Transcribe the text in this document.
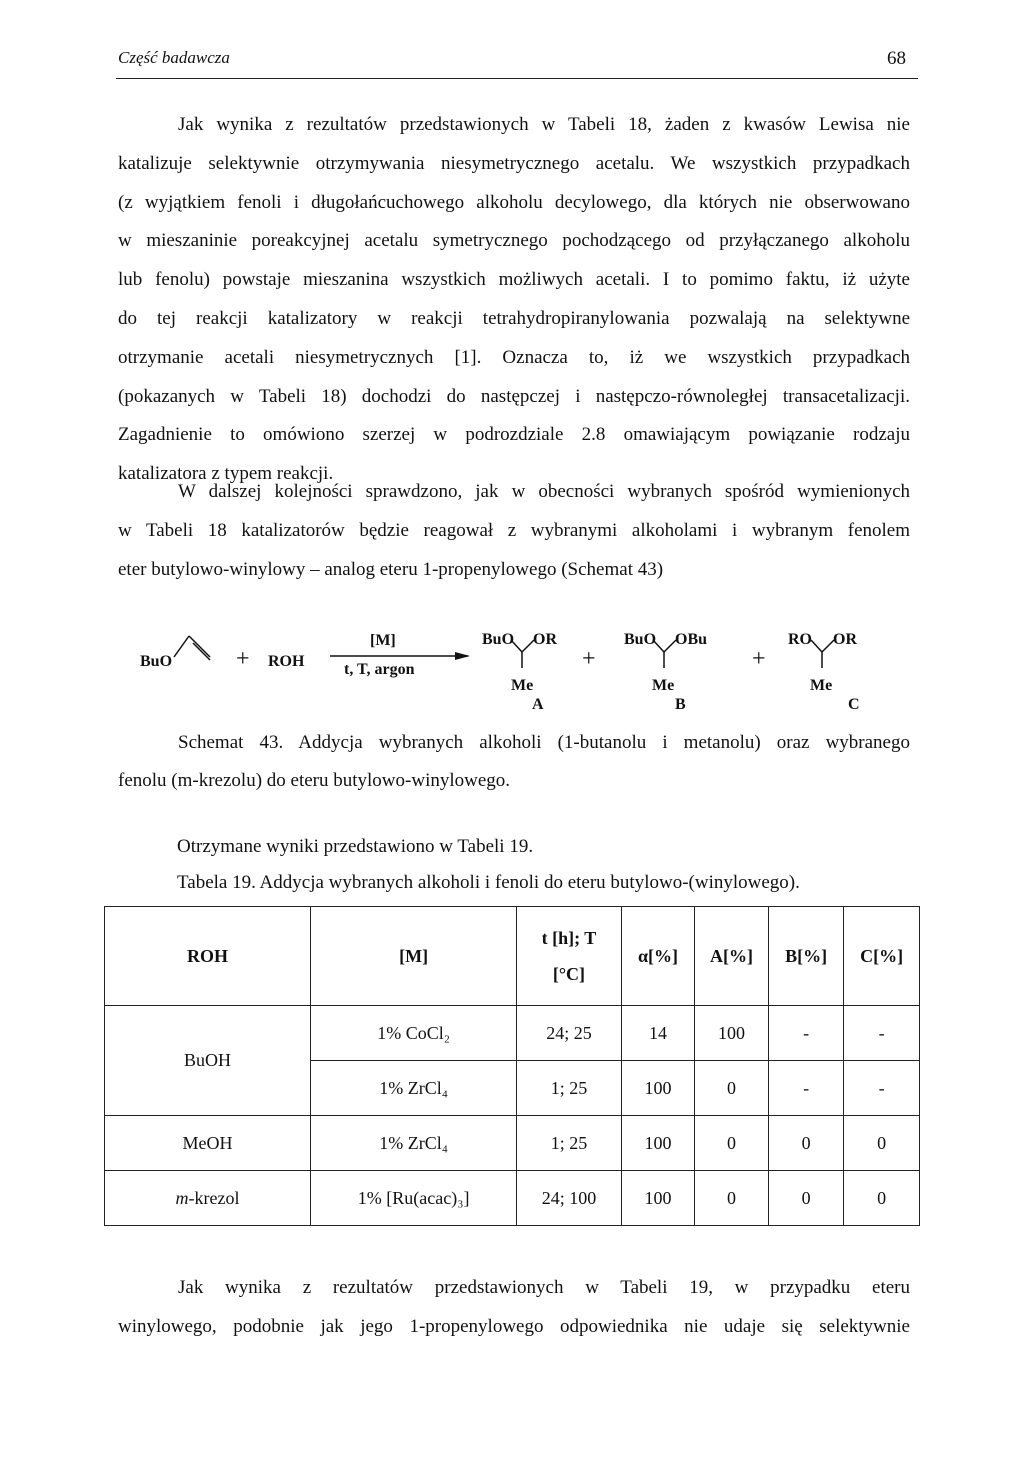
Część badawcza	68
Jak wynika z rezultatów przedstawionych w Tabeli 18, żaden z kwasów Lewisa nie
katalizuje selektywnie otrzymywania niesymetrycznego acetalu. We wszystkich przypadkach
(z wyjątkiem fenoli i długołańcuchowego alkoholu decylowego, dla których nie obserwowano
w mieszaninie poreakcyjnej acetalu symetrycznego pochodzącego od przyłączanego alkoholu
lub fenolu) powstaje mieszanina wszystkich możliwych acetali. I to pomimo faktu, iż użyte
do tej reakcji katalizatory w reakcji tetrahydropiranylowania pozwalają na selektywne
otrzymanie acetali niesymetrycznych [1]. Oznacza to, iż we wszystkich przypadkach
(pokazanych w Tabeli 18) dochodzi do następczej i następczo-równoległej transacetalizacji.
Zagadnienie to omówiono szerzej w podrozdziale 2.8 omawiającym powiązanie rodzaju
katalizatora z typem reakcji.
W dalszej kolejności sprawdzono, jak w obecności wybranych spośród wymienionych
w Tabeli 18 katalizatorów będzie reagował z wybranymi alkoholami i wybranym fenolem
eter butylowo-winylowy – analog eteru 1-propenylowego (Schemat 43)
BuO	+ ROH
[M]
t, T, argon
BuO OR
Me
A
+
BuO OBu
Me
B
+
RO OR
Me
C
Schemat 43. Addycja wybranych alkoholi (1-butanolu i metanolu) oraz wybranego
fenolu (m-krezolu) do eteru butylowo-winylowego.
Otrzymane wyniki przedstawiono w Tabeli 19.
Tabela 19. Addycja wybranych alkoholi i fenoli do eteru butylowo-(winylowego).
ROH	[M]	t [h]; T [°C]	α[%]	A[%]	B[%]	C[%]
BuOH	1% CoCl₂	24; 25	14	100	-	-
	1% ZrCl₄	1; 25	100	0	-	-
MeOH	1% ZrCl₄	1; 25	100	0	0	0
m-krezol	1% [Ru(acac)₃]	24; 100	100	0	0	0
Jak wynika z rezultatów przedstawionych w Tabeli 19, w przypadku eteru
winylowego, podobnie jak jego 1-propenylowego odpowiednika nie udaje się selektywnie
